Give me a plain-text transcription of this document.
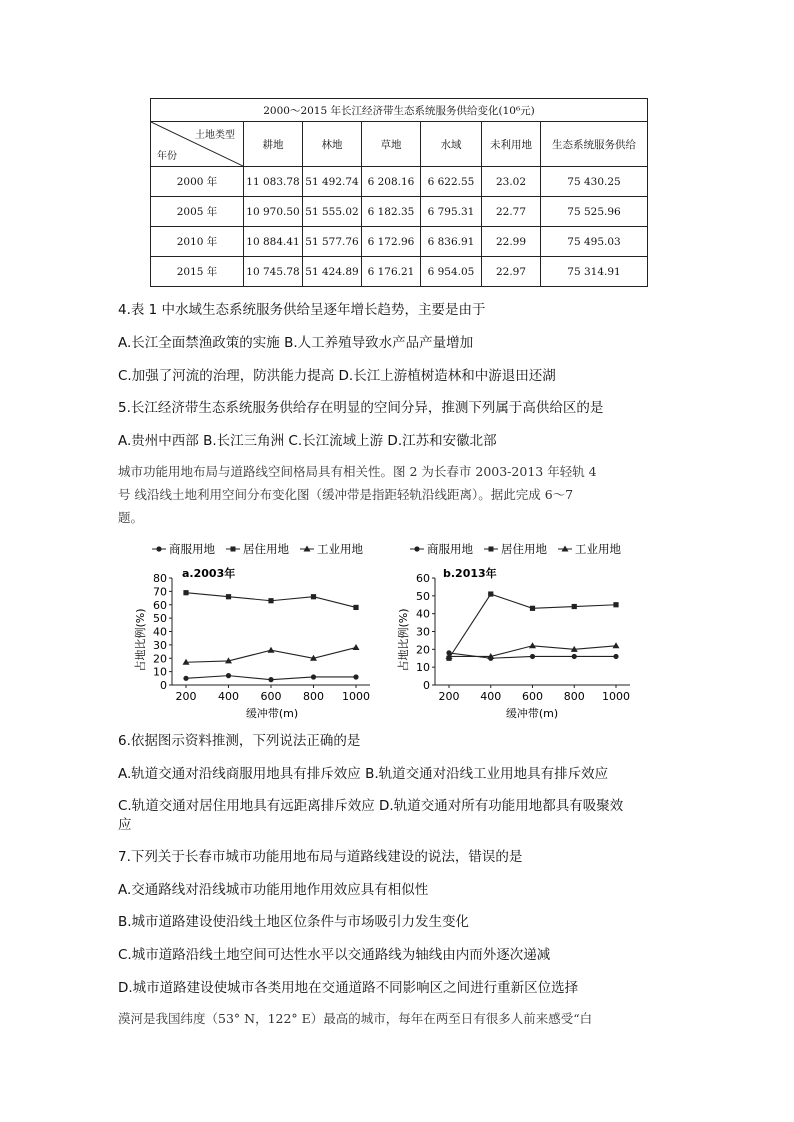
2000～2015 年长江经济带生态系统服务供给变化(10⁶元)						

土地类型
年份	耕地	林地	草地	水域	未利用地	生态系统服务供给
2000 年	11 083.78	51 492.74	6 208.16	6 622.55	23.02	75 430.25
2005 年	10 970.50	51 555.02	6 182.35	6 795.31	22.77	75 525.96
2010 年	10 884.41	51 577.76	6 172.96	6 836.91	22.99	75 495.03
2015 年	10 745.78	51 424.89	6 176.21	6 954.05	22.97	75 314.91
4.表 1 中水域生态系统服务供给呈逐年增长趋势，主要是由于
A.长江全面禁渔政策的实施 B.人工养殖导致水产品产量增加
C.加强了河流的治理，防洪能力提高 D.长江上游植树造林和中游退田还湖
5.长江经济带生态系统服务供给存在明显的空间分异，推测下列属于高供给区的是
A.贵州中西部 B.长江三角洲 C.长江流域上游 D.江苏和安徽北部
城市功能用地布局与道路线空间格局具有相关性。图 2 为长春市 2003-2013 年轻轨 4
号 线沿线土地利用空间分布变化图（缓冲带是指距轻轨沿线距离）。据此完成 6～7
题。
商服用地 居住用地 工业用地	商服用地 居住用地 工业用地
a.2003年	b.2013年
占地比例(%)	占地比例(%)
缓冲带(m)	缓冲带(m)
0
10
20
30
40
50
60
70
80
200 400 600 800 1000
0
10
20
30
40
50
60
200 400 600 800 1000
6.依据图示资料推测，下列说法正确的是
A.轨道交通对沿线商服用地具有排斥效应 B.轨道交通对沿线工业用地具有排斥效应
C.轨道交通对居住用地具有远距离排斥效应 D.轨道交通对所有功能用地都具有吸聚效
应
7.下列关于长春市城市功能用地布局与道路线建设的说法，错误的是
A.交通路线对沿线城市功能用地作用效应具有相似性
B.城市道路建设使沿线土地区位条件与市场吸引力发生变化
C.城市道路沿线土地空间可达性水平以交通路线为轴线由内而外逐次递减
D.城市道路建设使城市各类用地在交通道路不同影响区之间进行重新区位选择
漠河是我国纬度（53° N，122° E）最高的城市，每年在两至日有很多人前来感受“白
